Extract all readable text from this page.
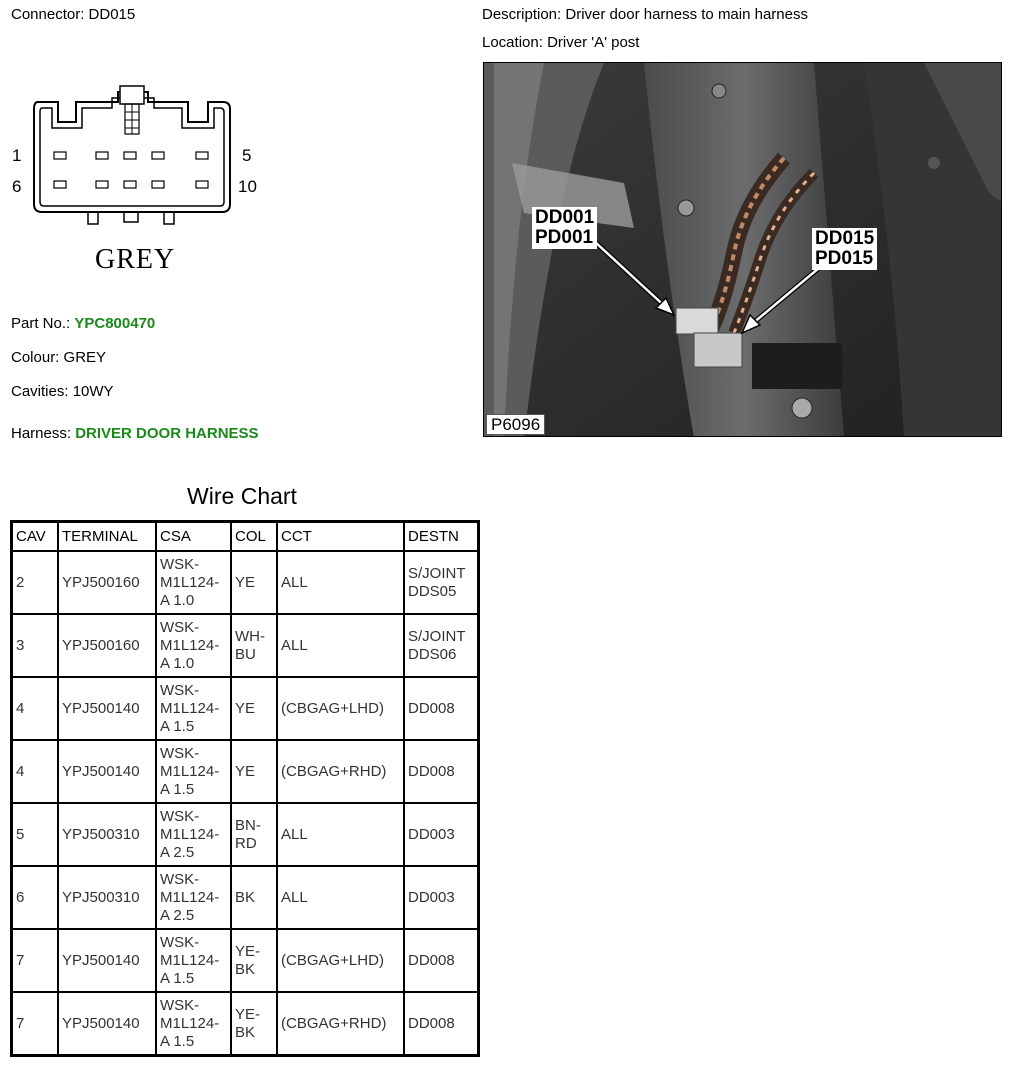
Connector: DD015	Description: Driver door harness to main harness
Location: Driver 'A' post
1
6
5
10
GREY
Part No.: YPC800470
Colour: GREY
Cavities: 10WY
Harness: DRIVER DOOR HARNESS
DD001
PD001	DD015
PD015
P6096
Wire Chart
CAV	TERMINAL	CSA	COL	CCT	DESTN
2	YPJ500160	WSK-M1L124-A 1.0	YE	ALL	S/JOINT DDS05
3	YPJ500160	WSK-M1L124-A 1.0	WH-BU	ALL	S/JOINT DDS06
4	YPJ500140	WSK-M1L124-A 1.5	YE	(CBGAG+LHD)	DD008
4	YPJ500140	WSK-M1L124-A 1.5	YE	(CBGAG+RHD)	DD008
5	YPJ500310	WSK-M1L124-A 2.5	BN-RD	ALL	DD003
6	YPJ500310	WSK-M1L124-A 2.5	BK	ALL	DD003
7	YPJ500140	WSK-M1L124-A 1.5	YE-BK	(CBGAG+LHD)	DD008
7	YPJ500140	WSK-M1L124-A 1.5	YE-BK	(CBGAG+RHD)	DD008
